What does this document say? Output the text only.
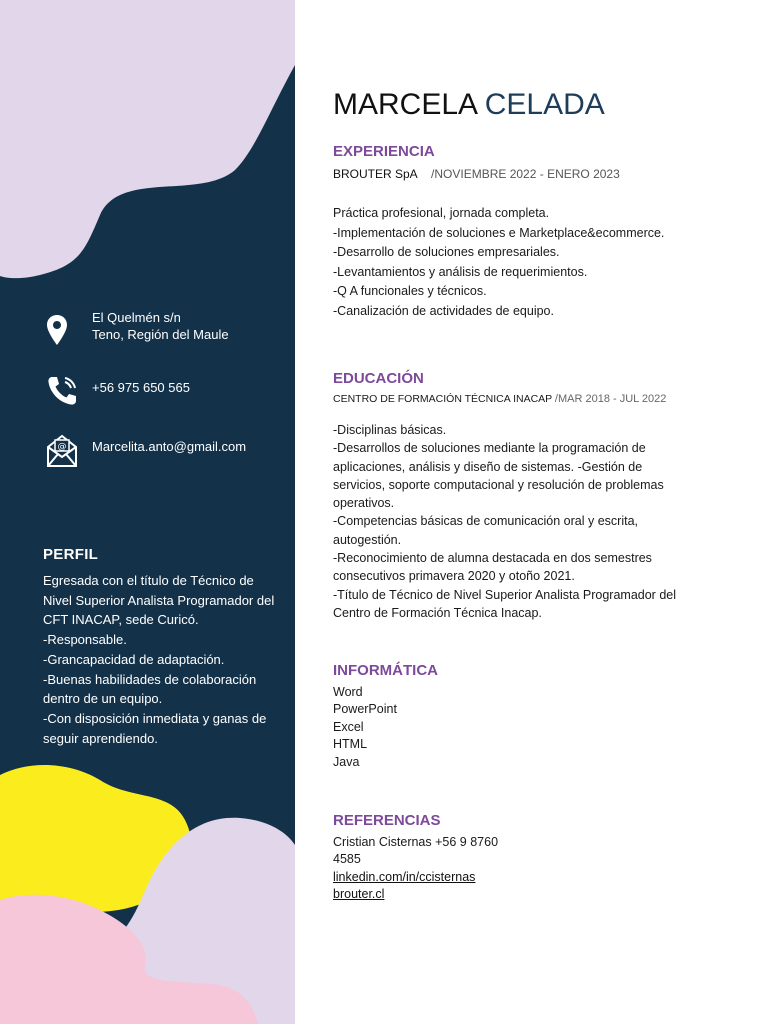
El Quelmén s/n
Teno, Región del Maule
+56 975 650 565
@ Marcelita.anto@gmail.com
PERFIL
Egresada con el título de Técnico de
Nivel Superior Analista Programador del
CFT INACAP, sede Curicó.
-Responsable.
-Grancapacidad de adaptación.
-Buenas habilidades de colaboración
dentro de un equipo.
-Con disposición inmediata y ganas de
seguir aprendiendo.
MARCELA CELADA
EXPERIENCIA
BROUTER SpA /NOVIEMBRE 2022 - ENERO 2023
Práctica profesional, jornada completa.
-Implementación de soluciones e Marketplace&ecommerce.
-Desarrollo de soluciones empresariales.
-Levantamientos y análisis de requerimientos.
-Q A funcionales y técnicos.
-Canalización de actividades de equipo.
EDUCACIÓN
CENTRO DE FORMACIÓN TÉCNICA INACAP /MAR 2018 - JUL 2022
-Disciplinas básicas.
-Desarrollos de soluciones mediante la programación de
aplicaciones, análisis y diseño de sistemas. -Gestión de
servicios, soporte computacional y resolución de problemas
operativos.
-Competencias básicas de comunicación oral y escrita,
autogestión.
-Reconocimiento de alumna destacada en dos semestres
consecutivos primavera 2020 y otoño 2021.
-Título de Técnico de Nivel Superior Analista Programador del
Centro de Formación Técnica Inacap.
INFORMÁTICA
Word
PowerPoint
Excel
HTML
Java
REFERENCIAS
Cristian Cisternas +56 9 8760
4585
linkedin.com/in/ccisternas
brouter.cl
